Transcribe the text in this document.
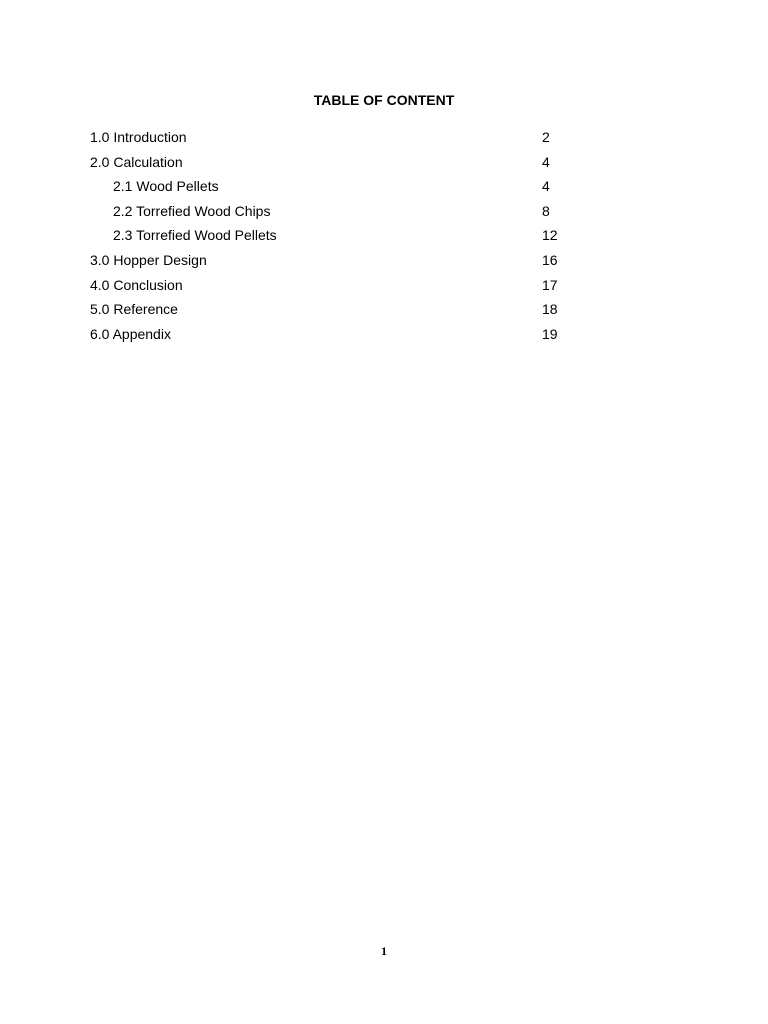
TABLE OF CONTENT
1.0 Introduction	2
2.0 Calculation	4
2.1 Wood Pellets	4
2.2 Torrefied Wood Chips	8
2.3 Torrefied Wood Pellets	12
3.0 Hopper Design	16
4.0 Conclusion	17
5.0 Reference	18
6.0 Appendix	19
1
